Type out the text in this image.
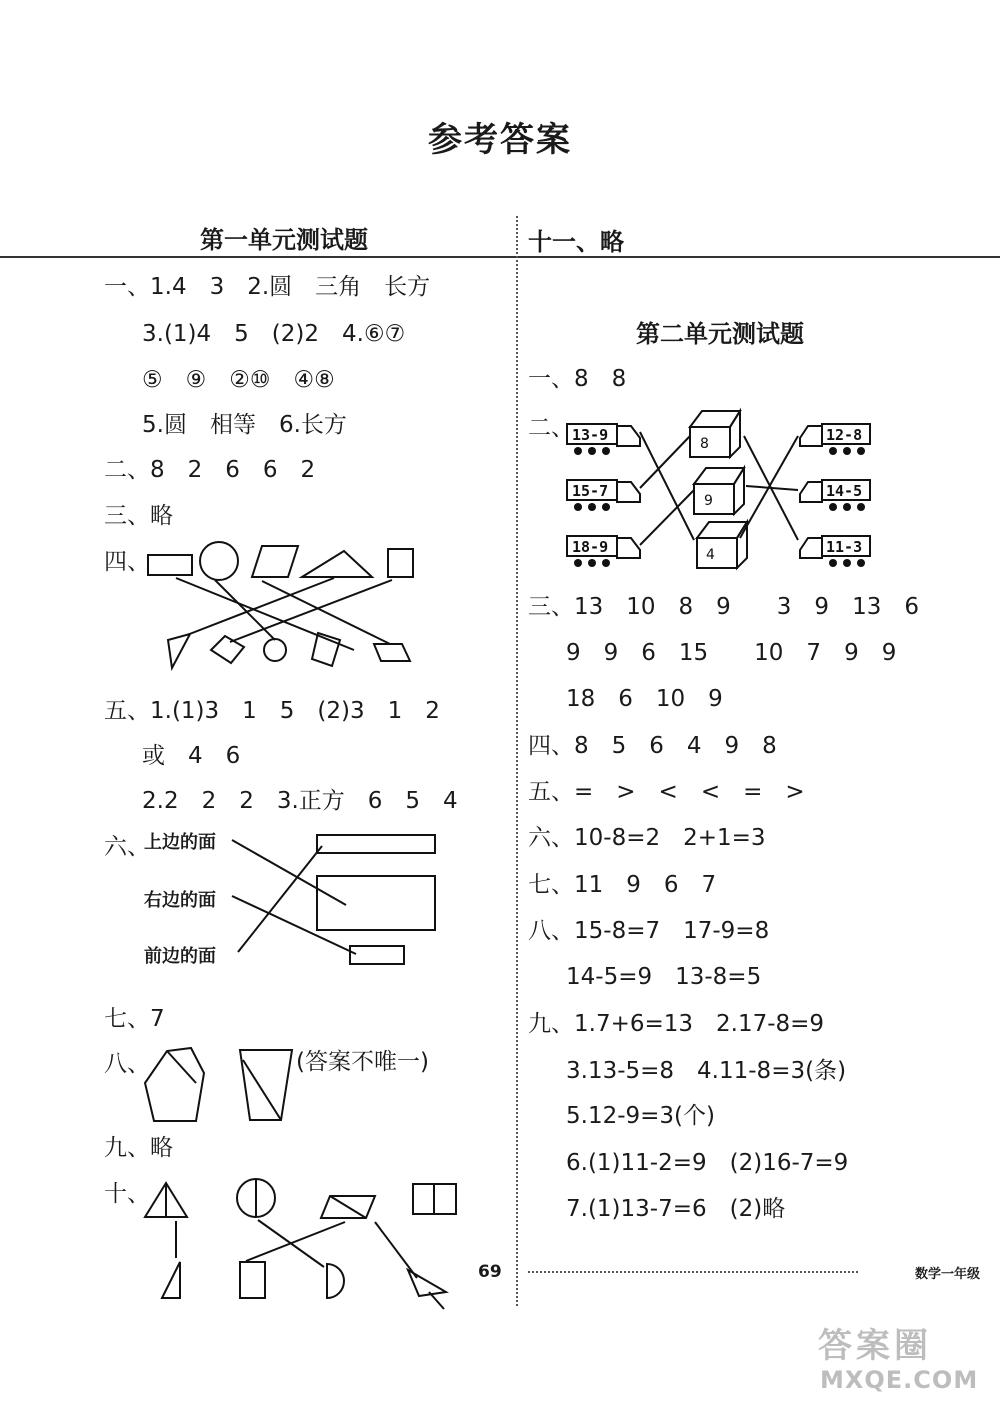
参考答案
第一单元测试题
一、1.4　3　2.圆　三角　长方
3.(1)4　5　(2)2　4.⑥⑦
⑤　⑨　②⑩　④⑧
5.圆　相等　6.长方
二、8　2　6　6　2
三、略
四、
五、1.(1)3　1　5　(2)3　1　2
或　4　6
2.2　2　2　3.正方　6　5　4
六、
上边的面
右边的面
前边的面
七、7
八、	(答案不唯一)
九、略
十、
十一、略
第二单元测试题
一、8　8
二、
三、13　10　8　9　　3　9　13　6
9　9　6　15　　10　7　9　9
18　6　10　9
四、8　5　6　4　9　8
五、=　>　<　<　=　>
六、10-8=2　2+1=3
七、11　9　6　7
八、15-8=7　17-9=8
14-5=9　13-8=5
九、1.7+6=13　2.17-8=9
3.13-5=8　4.11-8=3(条)
5.12-9=3(个)
6.(1)11-2=9　(2)16-7=9
7.(1)13-7=6　(2)略
13-9
15-7
18-9
12-8
14-5
11-3
8
9
4
69	数学一年级
答案圈
MXQE.COM
